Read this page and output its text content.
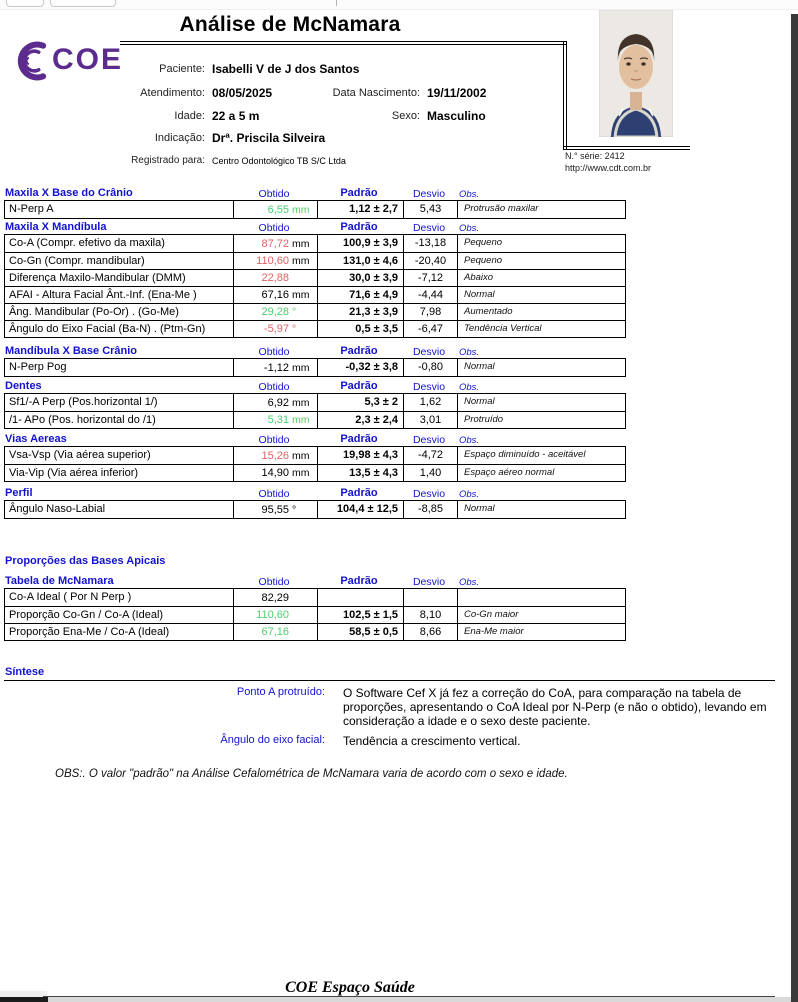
Análise de McNamara
COE	Paciente: Isabelli V de J dos Santos
Atendimento: 08/05/2025	Data Nascimento: 19/11/2002
Idade: 22 a 5 m	Sexo: Masculino
Indicação: Drª. Priscila Silveira
Registrado para: Centro Odontológico TB S/C Ltda	N.° série: 2412
http://www.cdt.com.br
Maxila X Base do Crânio	Obtido	Padrão	Desvio	Obs.
N-Perp A	6,55 mm	1,12 ± 2,7	5,43	Protrusão maxilar
Maxila X Mandíbula	Obtido	Padrão	Desvio	Obs.
Co-A (Compr. efetivo da maxila)	87,72 mm	100,9 ± 3,9	-13,18	Pequeno
Co-Gn (Compr. mandibular)	110,60 mm	131,0 ± 4,6	-20,40	Pequeno
Diferença Maxilo-Mandibular (DMM)	22,88	30,0 ± 3,9	-7,12	Abaixo
AFAI - Altura Facial Ânt.-Inf. (Ena-Me )	67,16 mm	71,6 ± 4,9	-4,44	Normal
Âng. Mandibular (Po-Or) . (Go-Me)	29,28 °	21,3 ± 3,9	7,98	Aumentado
Ângulo do Eixo Facial (Ba-N) . (Ptm-Gn)	-5,97 °	0,5 ± 3,5	-6,47	Tendência Vertical
Mandíbula X Base Crânio	Obtido	Padrão	Desvio	Obs.
N-Perp Pog	-1,12 mm	-0,32 ± 3,8	-0,80	Normal
Dentes	Obtido	Padrão	Desvio	Obs.
Sf1/-A Perp (Pos.horizontal 1/)	6,92 mm	5,3 ± 2	1,62	Normal
/1- APo (Pos. horizontal do /1)	5,31 mm	2,3 ± 2,4	3,01	Protruído
Vias Aereas	Obtido	Padrão	Desvio	Obs.
Vsa-Vsp (Via aérea superior)	15,26 mm	19,98 ± 4,3	-4,72	Espaço diminuído - aceitável
Via-Vip (Via aérea inferior)	14,90 mm	13,5 ± 4,3	1,40	Espaço aéreo normal
Perfil	Obtido	Padrão	Desvio	Obs.
Ângulo Naso-Labial	95,55 °	104,4 ± 12,5	-8,85	Normal
Tabela de McNamara	Obtido	Padrão	Desvio	Obs.
Co-A Ideal ( Por N Perp )	82,29
Proporção Co-Gn / Co-A (Ideal)	110,60	102,5 ± 1,5	8,10	Co-Gn maior
Proporção Ena-Me / Co-A (Ideal)	67,16	58,5 ± 0,5	8,66	Ena-Me maior
Proporções das Bases Apicais
Síntese
Ponto A protruído: O Software Cef X já fez a correção do CoA, para comparação na tabela de proporções, apresentando o CoA Ideal por N-Perp (e não o obtido), levando em consideração a idade e o sexo deste paciente.
Ângulo do eixo facial: Tendência a crescimento vertical.
OBS:. O valor "padrão" na Análise Cefalométrica de McNamara varia de acordo com o sexo e idade.
COE Espaço Saúde
